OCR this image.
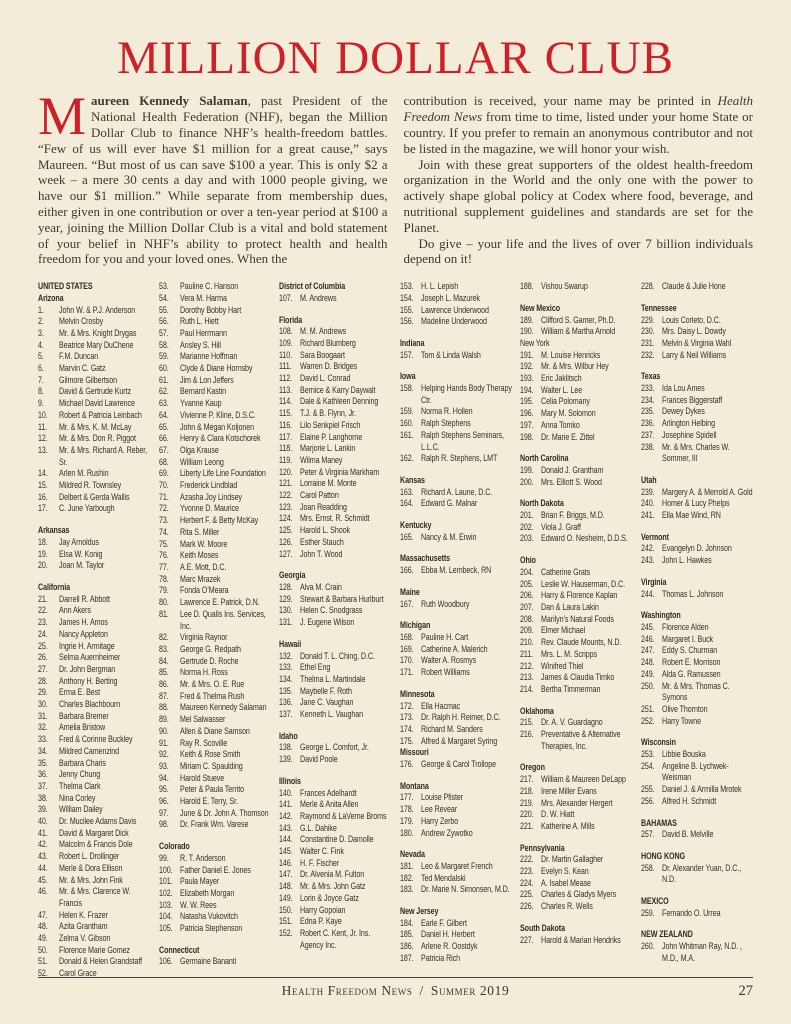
MILLION DOLLAR CLUB

Maureen Kennedy Salaman, past President of the National Health Federation (NHF), began the Million Dollar Club to finance NHF’s health-freedom battles. “Few of us will ever have $1 million for a great cause,” says Maureen. “But most of us can save $100 a year. This is only $2 a week – a mere 30 cents a day and with 1000 people giving, we have our $1 million.” While separate from membership dues, either given in one contribution or over a ten-year period at $100 a year, joining the Million Dollar Club is a vital and bold statement of your belief in NHF’s ability to protect health and health freedom for you and your loved ones. When the

contribution is received, your name may be printed in Health Freedom News from time to time, listed under your home State or country. If you prefer to remain an anonymous contributor and not be listed in the magazine, we will honor your wish.

Join with these great supporters of the oldest health-freedom organization in the World and the only one with the power to actively shape global policy at Codex where food, beverage, and nutritional supplement guidelines and standards are set for the Planet.

Do give – your life and the lives of over 7 billion individuals depend on it!

UNITED STATES
Arizona
1.	John W. & P.J. Anderson
2.	Melvin Crosby
3.	Mr. & Mrs. Knight Drygas
4.	Beatrice Mary DuChene
5.	F.M. Duncan
6.	Marvin C. Gatz
7.	Gilmore Gilbertson
8.	David & Gertrude Kurtz
9.	Michael David Lawrence
10.	Robert & Patricia Leinbach
11.	Mr. & Mrs. K. M. McLay
12.	Mr. & Mrs. Don R. Piggot
13.	Mr. & Mrs. Richard A. Reber, Sr.
14.	Arlen M. Rushin
15.	Mildred R. Townsley
16.	Delbert & Gerda Wallis
17.	C. June Yarbough
Arkansas
18.	Jay Arnoldus
19.	Elsa W. Konig
20.	Joan M. Taylor
California
21.	Darrell R. Abbott
22.	Ann Akers
23.	James H. Amos
24.	Nancy Appleton
25.	Ingrie H. Armitage
26.	Selma Auernheimer
27.	Dr. John Bergman
28.	Anthony H. Berting
29.	Erma E. Best
30.	Charles Blachbourn
31.	Barbara Bremer
32.	Amelia Bristow
33.	Fred & Corinne Buckley
34.	Mildred Camenzind
35.	Barbara Charis
36.	Jenny Chung
37.	Thelma Clark
38.	Nina Corley
39.	William Dailey
40.	Dr. Mucilee Adams Davis
41.	David & Margaret Dick
42.	Malcolm & Francis Dole
43.	Robert L. Drollinger
44.	Merle & Dora Ellison
45.	Mr. & Mrs. John Fink
46.	Mr. & Mrs. Clarence W. Francis
47.	Helen K. Frazer
48.	Azita Grantham
49.	Zelma V. Gibson
50.	Florence Marie Gomez
51.	Donald & Helen Grandstaff
52.	Carol Grace
53.	Pauline C. Hanson
54.	Vera M. Harma
55.	Dorothy Bobby Hart
56.	Ruth L. Hiett
57.	Paul Herrmann
58.	Ansley S. Hill
59.	Marianne Hoffman
60.	Clyde & Diane Hornsby
61.	Jim & Lon Jeffers
62.	Bernard Kastin
63.	Yvanne Kaup
64.	Vivienne P. Kline, D.S.C.
65.	John & Megan Koljonen
66.	Henry & Clara Kotschorek
67.	Olga Krause
68.	William Leong
69.	Liberty Life Line Foundation
70.	Frederick Lindblad
71.	Azasha Joy Lindsey
72.	Yvonne D. Maurice
73.	Herbert F. & Betty McKay
74.	Rita S. Miller
75.	Mark W. Moore
76.	Keith Moses
77.	A.E. Mott, D.C.
78.	Marc Mrazek
79.	Fonda O’Meara
80.	Lawrence E. Patrick, D.N.
81.	Lee D. Qualls Ins. Services, Inc.
82.	Virginia Raynor
83.	George G. Redpath
84.	Gertrude D. Roche
85.	Norma H. Ross
86.	Mr. & Mrs. O. E. Rue
87.	Fred & Thelma Rush
88.	Maureen Kennedy Salaman
89.	Mel Salwasser
90.	Allen & Diane Samson
91.	Ray R. Scoville
92.	Keith & Rose Smith
93.	Miriam C. Spaulding
94.	Harold Stueve
95.	Peter & Paula Territo
96.	Harold E. Terry, Sr.
97.	June & Dr. John A. Thomson
98.	Dr. Frank Wm. Varese
Colorado
99.	R. T. Anderson
100. Father Daniel E. Jones
101. Paula Mayer
102. Elizabeth Morgan
103. W. W. Rees
104. Natasha Vukovitch
105. Patricia Stephenson
Connecticut
106. Germaine Bananti
District of Columbia
107. M. Andrews
Florida
108. M. M. Andrews
109. Richard Blumberg
110. Sara Boogaart
111. Warren D. Bridges
112. David L. Conrad
113. Bernice & Karry Daywalt
114. Dale & Kathleen Denning
115. T.J. & B. Flynn, Jr.
116. Lilo Senkpiel Frisch
117. Elaine P. Langhorne
118. Marjorie L. Lankin
119. Wilma Maney
120. Peter & Virginia Markham
121. Lorraine M. Monte
122. Carol Patton
123. Joan Readding
124. Mrs. Ernst. R. Schmidt
125. Harold L. Shook
126. Esther Stauch
127. John T. Wood
Georgia
128. Alva M. Crain
129. Stewart & Barbara Hurlburt
130. Helen C. Snodgrass
131. J. Eugene Wilson
Hawaii
132. Donald T. L. Ching, D.C.
133. Ethel Eng
134. Thelma L. Martindale
135. Maybelle F. Roth
136. Jane C. Vaughan
137. Kenneth L. Vaughan
Idaho
138. George L. Comfort, Jr.
139. David Poole
Illinois
140. Frances Adelhardt
141. Merle & Anita Allen
142. Raymond & LaVerne Broms
143. G.L. Dahike
144. Constantine D. Damolle
145. Walter C. Fink
146. H. F. Fischer
147. Dr. Alvenia M. Fulton
148. Mr. & Mrs. John Gatz
149. Lorin & Joyce Gatz
150. Harry Gopoian
151. Edna P. Kaye
152. Robert C. Kent, Jr. Ins. Agency Inc.
153. H. L. Lepish
154. Joseph L. Mazurek
155. Lawrence Underwood
156. Madeline Underwood
Indiana
157. Tom & Linda Walsh
Iowa
158. Helping Hands Body Therapy Ctr.
159. Norma R. Hollen
160. Ralph Stephens
161. Ralph Stephens Seminars, L.L.C.
162. Ralph R. Stephens, LMT
Kansas
163. Richard A. Laune, D.C.
164. Edward G. Malnar
Kentucky
165. Nancy & M. Erwin
Massachusetts
166. Ebba M. Lembeck, RN
Maine
167. Ruth Woodbury
Michigan
168. Pauline H. Cart
169. Catherine A. Malerich
170. Walter A. Rosmys
171. Robert Williams
Minnesota
172. Ella Hacmac
173. Dr. Ralph H. Reimer, D.C.
174. Richard M. Sanders
175. Alfred & Margaret Syring
Missouri
176. George & Carol Trollope
Montana
177. Louise Pfister
178. Lee Revear
179. Harry Zerbo
180. Andrew Zywotko
Nevada
181. Leo & Margaret French
182. Ted Mendalski
183. Dr. Marie N. Simonsen, M.D.
New Jersey
184. Earle F. Gilbert
185. Daniel H. Herbert
186. Arlene R. Oostdyk
187. Patricia Rich
188. Vishou Swarup
New Mexico
189. Clifford S. Gamer, Ph.D.
190. William & Martha Arnold
New York
191. M. Louise Henricks
192. Mr. & Mrs. Wilbur Hey
193. Eric Jaklitsch
194. Walter L. Lee
195. Celia Polomany
196. Mary M. Solomon
197. Anna Tomko
198. Dr. Marie E. Zittel
North Carolina
199. Donald J. Grantham
200. Mrs. Elliott S. Wood
North Dakota
201. Brian F. Briggs, M.D.
202. Viola J. Graff
203. Edward O. Nesheim, D.D.S.
Ohio
204. Catherine Grats
205. Leslie W. Hauserman, D.C.
206. Harry & Florence Kaplan
207. Dan & Laura Lakin
208. Marilyn’s Natural Foods
209. Elmer Michael
210. Rev. Claude Mounts, N.D.
211. Mrs. L. M. Scripps
212. Winifred Thiel
213. James & Claudia Timko
214. Bertha Timmerman
Oklahoma
215. Dr. A. V. Guardagno
216. Preventative & Alternative Therapies, Inc.
Oregon
217. William & Maureen DeLapp
218. Irene Miller Evans
219. Mrs. Alexander Hergert
220. D. W. Hiatt
221. Katherine A. Mills
Pennsylvania
222. Dr. Martin Gallagher
223. Evelyn S. Kean
224. A. Isabel Mease
225. Charles & Gladys Myers
226. Charles R. Wells
South Dakota
227. Harold & Marian Hendriks
228. Claude & Julie Hone
Tennessee
229. Louis Corleto, D.C.
230. Mrs. Daisy L. Dowdy
231. Melvin & Virginia Wahl
232. Larry & Neil Williams
Texas
233. Ida Lou Ames
234. Frances Biggerstaff
235. Dewey Dykes
236. Arlington Helbing
237. Josephine Spidell
238. Mr. & Mrs. Charles W. Sommer, III
Utah
239. Margery A. & Merrold A. Gold
240. Homer & Lucy Phelps
241. Ella Mae Wind, RN
Vermont
242. Evangelyn D. Johnson
243. John L. Hawkes
Virginia
244. Thomas L. Johnson
Washington
245. Florence Alden
246. Margaret I. Buck
247. Eddy S. Churman
248. Robert E. Morrison
249. Alda G. Ramussen
250. Mr. & Mrs. Thomas C. Symons
251. Olive Thornton
252. Harry Towne
Wisconsin
253. Libbie Bouska
254. Angeline B. Lychwek-Weisman
255. Daniel J. & Armilla Mrotek
256. Alfred H. Schmidt
BAHAMAS
257. David B. Melville
HONG KONG
258. Dr. Alexander Yuan, D.C., N.D.
MEXICO
259. Fernando O. Urrea
NEW ZEALAND
260. John Whitman Ray, N.D. , M.D., M.A.
Health Freedom News / Summer 2019	27
